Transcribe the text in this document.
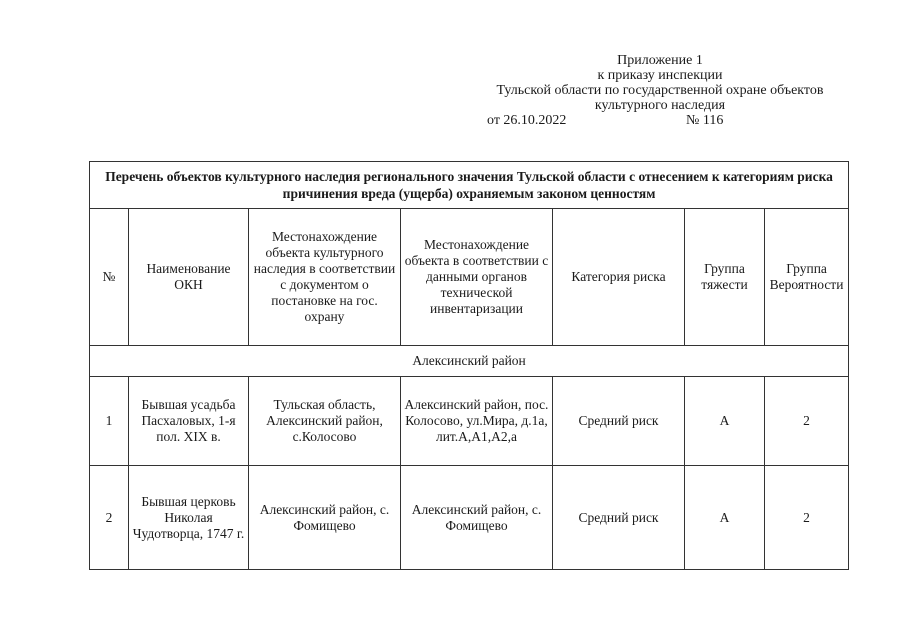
Приложение 1
к приказу инспекции
Тульской области по государственной охране объектов
культурного наследия
от 26.10.2022	№ 116
Перечень объектов культурного наследия регионального значения Тульской области с отнесением к категориям риска причинения вреда (ущерба) охраняемым законом ценностям						
№	Наименование ОКН	Местонахождение объекта культурного наследия в соответствии с документом о постановке на гос. охрану	Местонахождение объекта в соответствии с данными органов технической инвентаризации	Категория риска	Группа тяжести	Группа Вероятности
Алексинский район						
1	Бывшая усадьба Пасхаловых, 1-я пол. XIX в.	Тульская область, Алексинский район, с.Колосово	Алексинский район, пос. Колосово, ул.Мира, д.1а, лит.А,А1,А2,а	Средний риск	А	2
2	Бывшая церковь Николая Чудотворца, 1747 г.	Алексинский район, с. Фомищево	Алексинский район, с. Фомищево	Средний риск	А	2
